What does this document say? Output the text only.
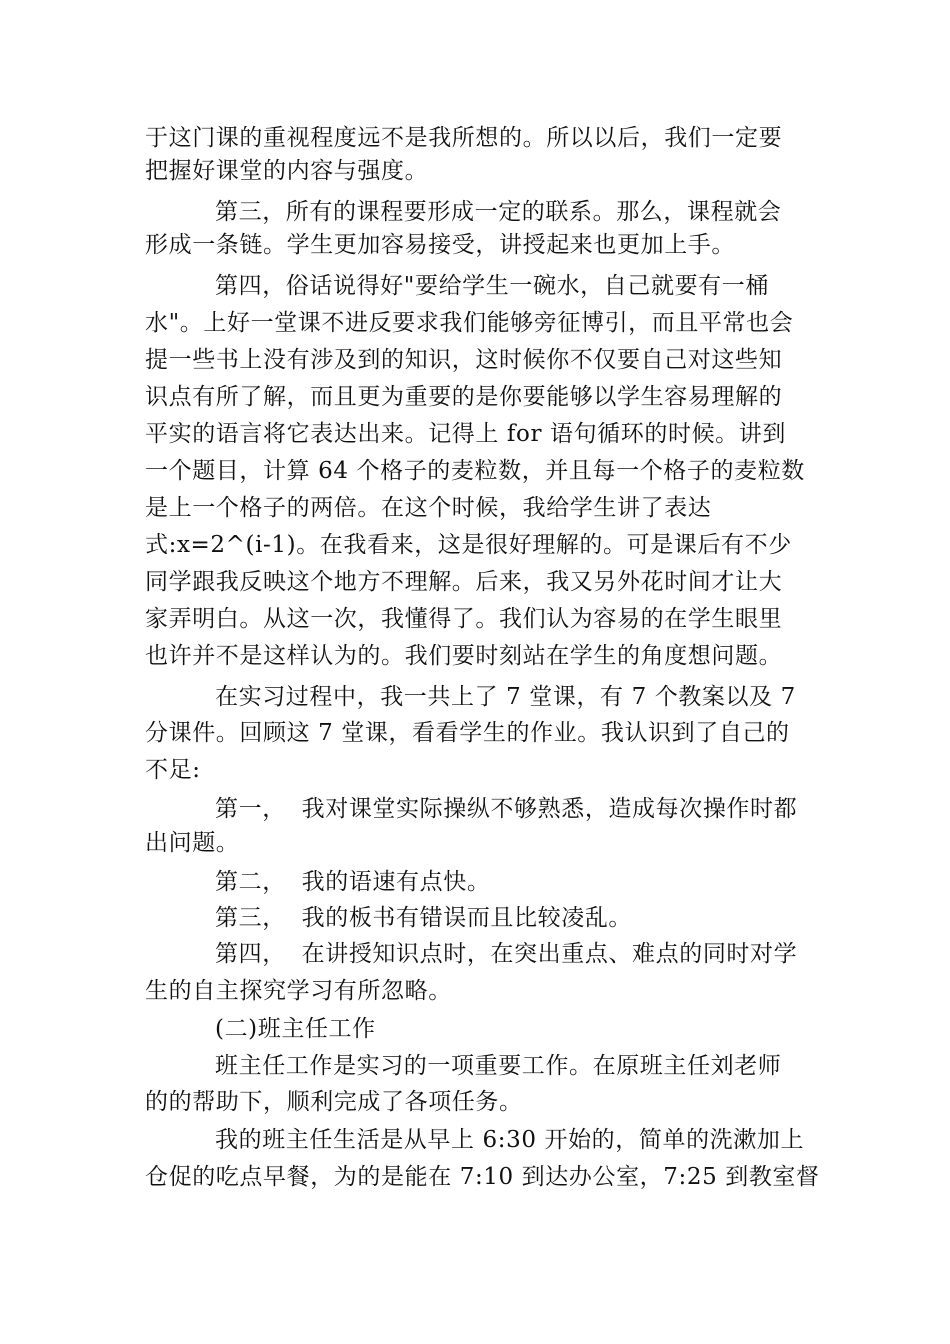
于这门课的重视程度远不是我所想的。所以以后，我们一定要
把握好课堂的内容与强度。
第三，所有的课程要形成一定的联系。那么，课程就会
形成一条链。学生更加容易接受，讲授起来也更加上手。
第四，俗话说得好"要给学生一碗水，自己就要有一桶
水"。上好一堂课不进反要求我们能够旁征博引，而且平常也会
提一些书上没有涉及到的知识，这时候你不仅要自己对这些知
识点有所了解，而且更为重要的是你要能够以学生容易理解的
平实的语言将它表达出来。记得上 for 语句循环的时候。讲到
一个题目，计算 64 个格子的麦粒数，并且每一个格子的麦粒数
是上一个格子的两倍。在这个时候，我给学生讲了表达
式:x=2^(i-1)。在我看来，这是很好理解的。可是课后有不少
同学跟我反映这个地方不理解。后来，我又另外花时间才让大
家弄明白。从这一次，我懂得了。我们认为容易的在学生眼里
也许并不是这样认为的。我们要时刻站在学生的角度想问题。
在实习过程中，我一共上了 7 堂课，有 7 个教案以及 7
分课件。回顾这 7 堂课，看看学生的作业。我认识到了自己的
不足:
第一，  我对课堂实际操纵不够熟悉，造成每次操作时都
出问题。
第二，  我的语速有点快。
第三，  我的板书有错误而且比较凌乱。
第四，  在讲授知识点时，在突出重点、难点的同时对学
生的自主探究学习有所忽略。
(二)班主任工作
班主任工作是实习的一项重要工作。在原班主任刘老师
的的帮助下，顺利完成了各项任务。
我的班主任生活是从早上 6:30 开始的，简单的洗漱加上
仓促的吃点早餐，为的是能在 7:10 到达办公室，7:25 到教室督
